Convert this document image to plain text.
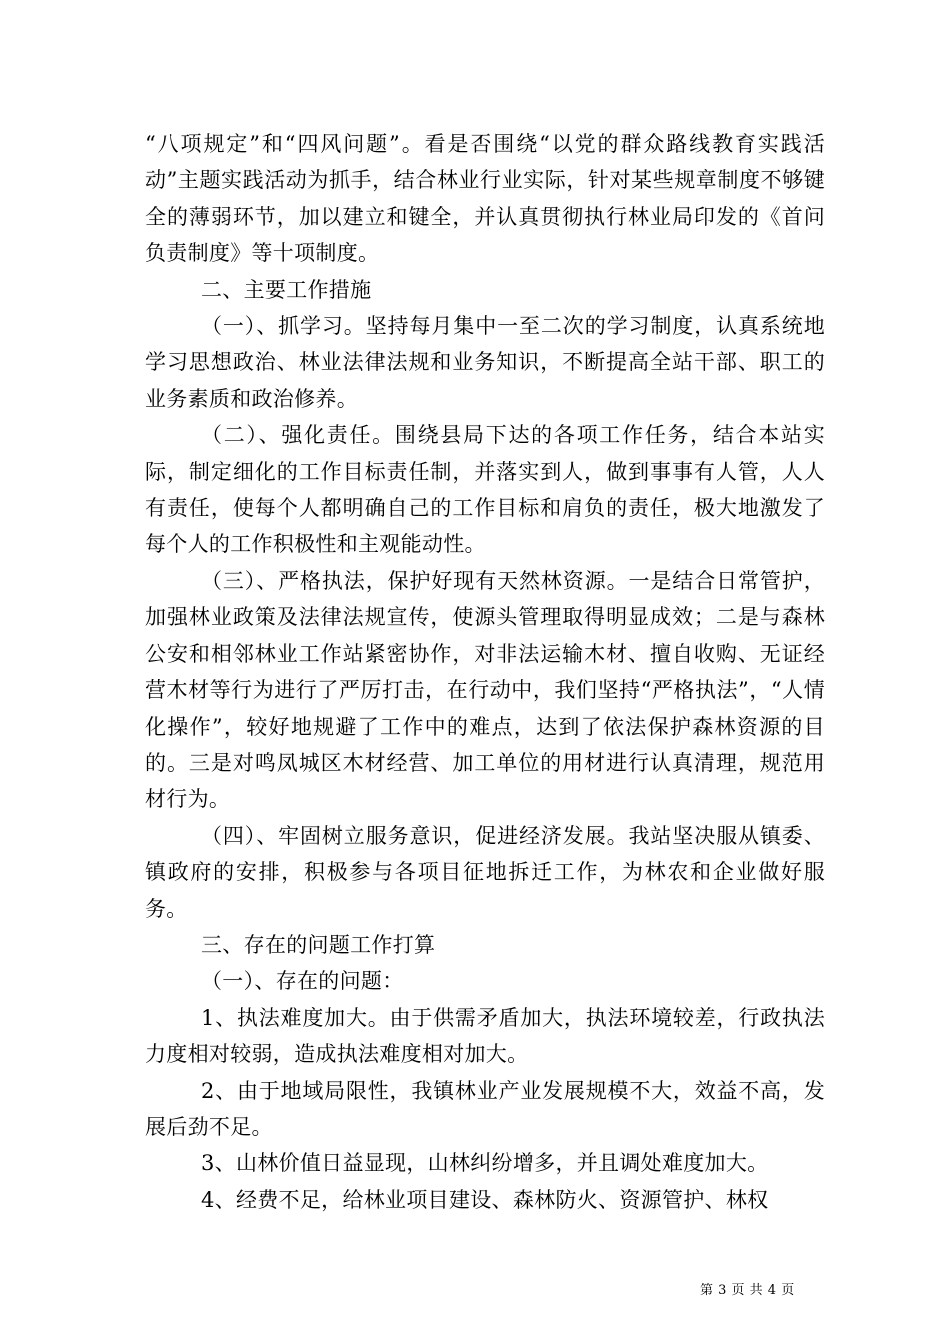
“八项规定”和“四风问题”。看是否围绕“以党的群众路线教育实践活动”主题实践活动为抓手，结合林业行业实际，针对某些规章制度不够键全的薄弱环节，加以建立和键全，并认真贯彻执行林业局印发的《首问负责制度》等十项制度。

二、主要工作措施

（一）、抓学习。坚持每月集中一至二次的学习制度，认真系统地学习思想政治、林业法律法规和业务知识，不断提高全站干部、职工的业务素质和政治修养。

（二）、强化责任。围绕县局下达的各项工作任务，结合本站实际，制定细化的工作目标责任制，并落实到人，做到事事有人管，人人有责任，使每个人都明确自己的工作目标和肩负的责任，极大地激发了每个人的工作积极性和主观能动性。

（三）、严格执法，保护好现有天然林资源。一是结合日常管护，加强林业政策及法律法规宣传，使源头管理取得明显成效；二是与森林公安和相邻林业工作站紧密协作，对非法运输木材、擅自收购、无证经营木材等行为进行了严厉打击，在行动中，我们坚持“严格执法”，“人情化操作”，较好地规避了工作中的难点，达到了依法保护森林资源的目的。三是对鸣凤城区木材经营、加工单位的用材进行认真清理，规范用材行为。

（四）、牢固树立服务意识，促进经济发展。我站坚决服从镇委、镇政府的安排，积极参与各项目征地拆迁工作，为林农和企业做好服务。

三、存在的问题工作打算

（一）、存在的问题：

1、执法难度加大。由于供需矛盾加大，执法环境较差，行政执法力度相对较弱，造成执法难度相对加大。

2、由于地域局限性，我镇林业产业发展规模不大，效益不高，发展后劲不足。

3、山林价值日益显现，山林纠纷增多，并且调处难度加大。

4、经费不足，给林业项目建设、森林防火、资源管护、林权

第 3 页 共 4 页
